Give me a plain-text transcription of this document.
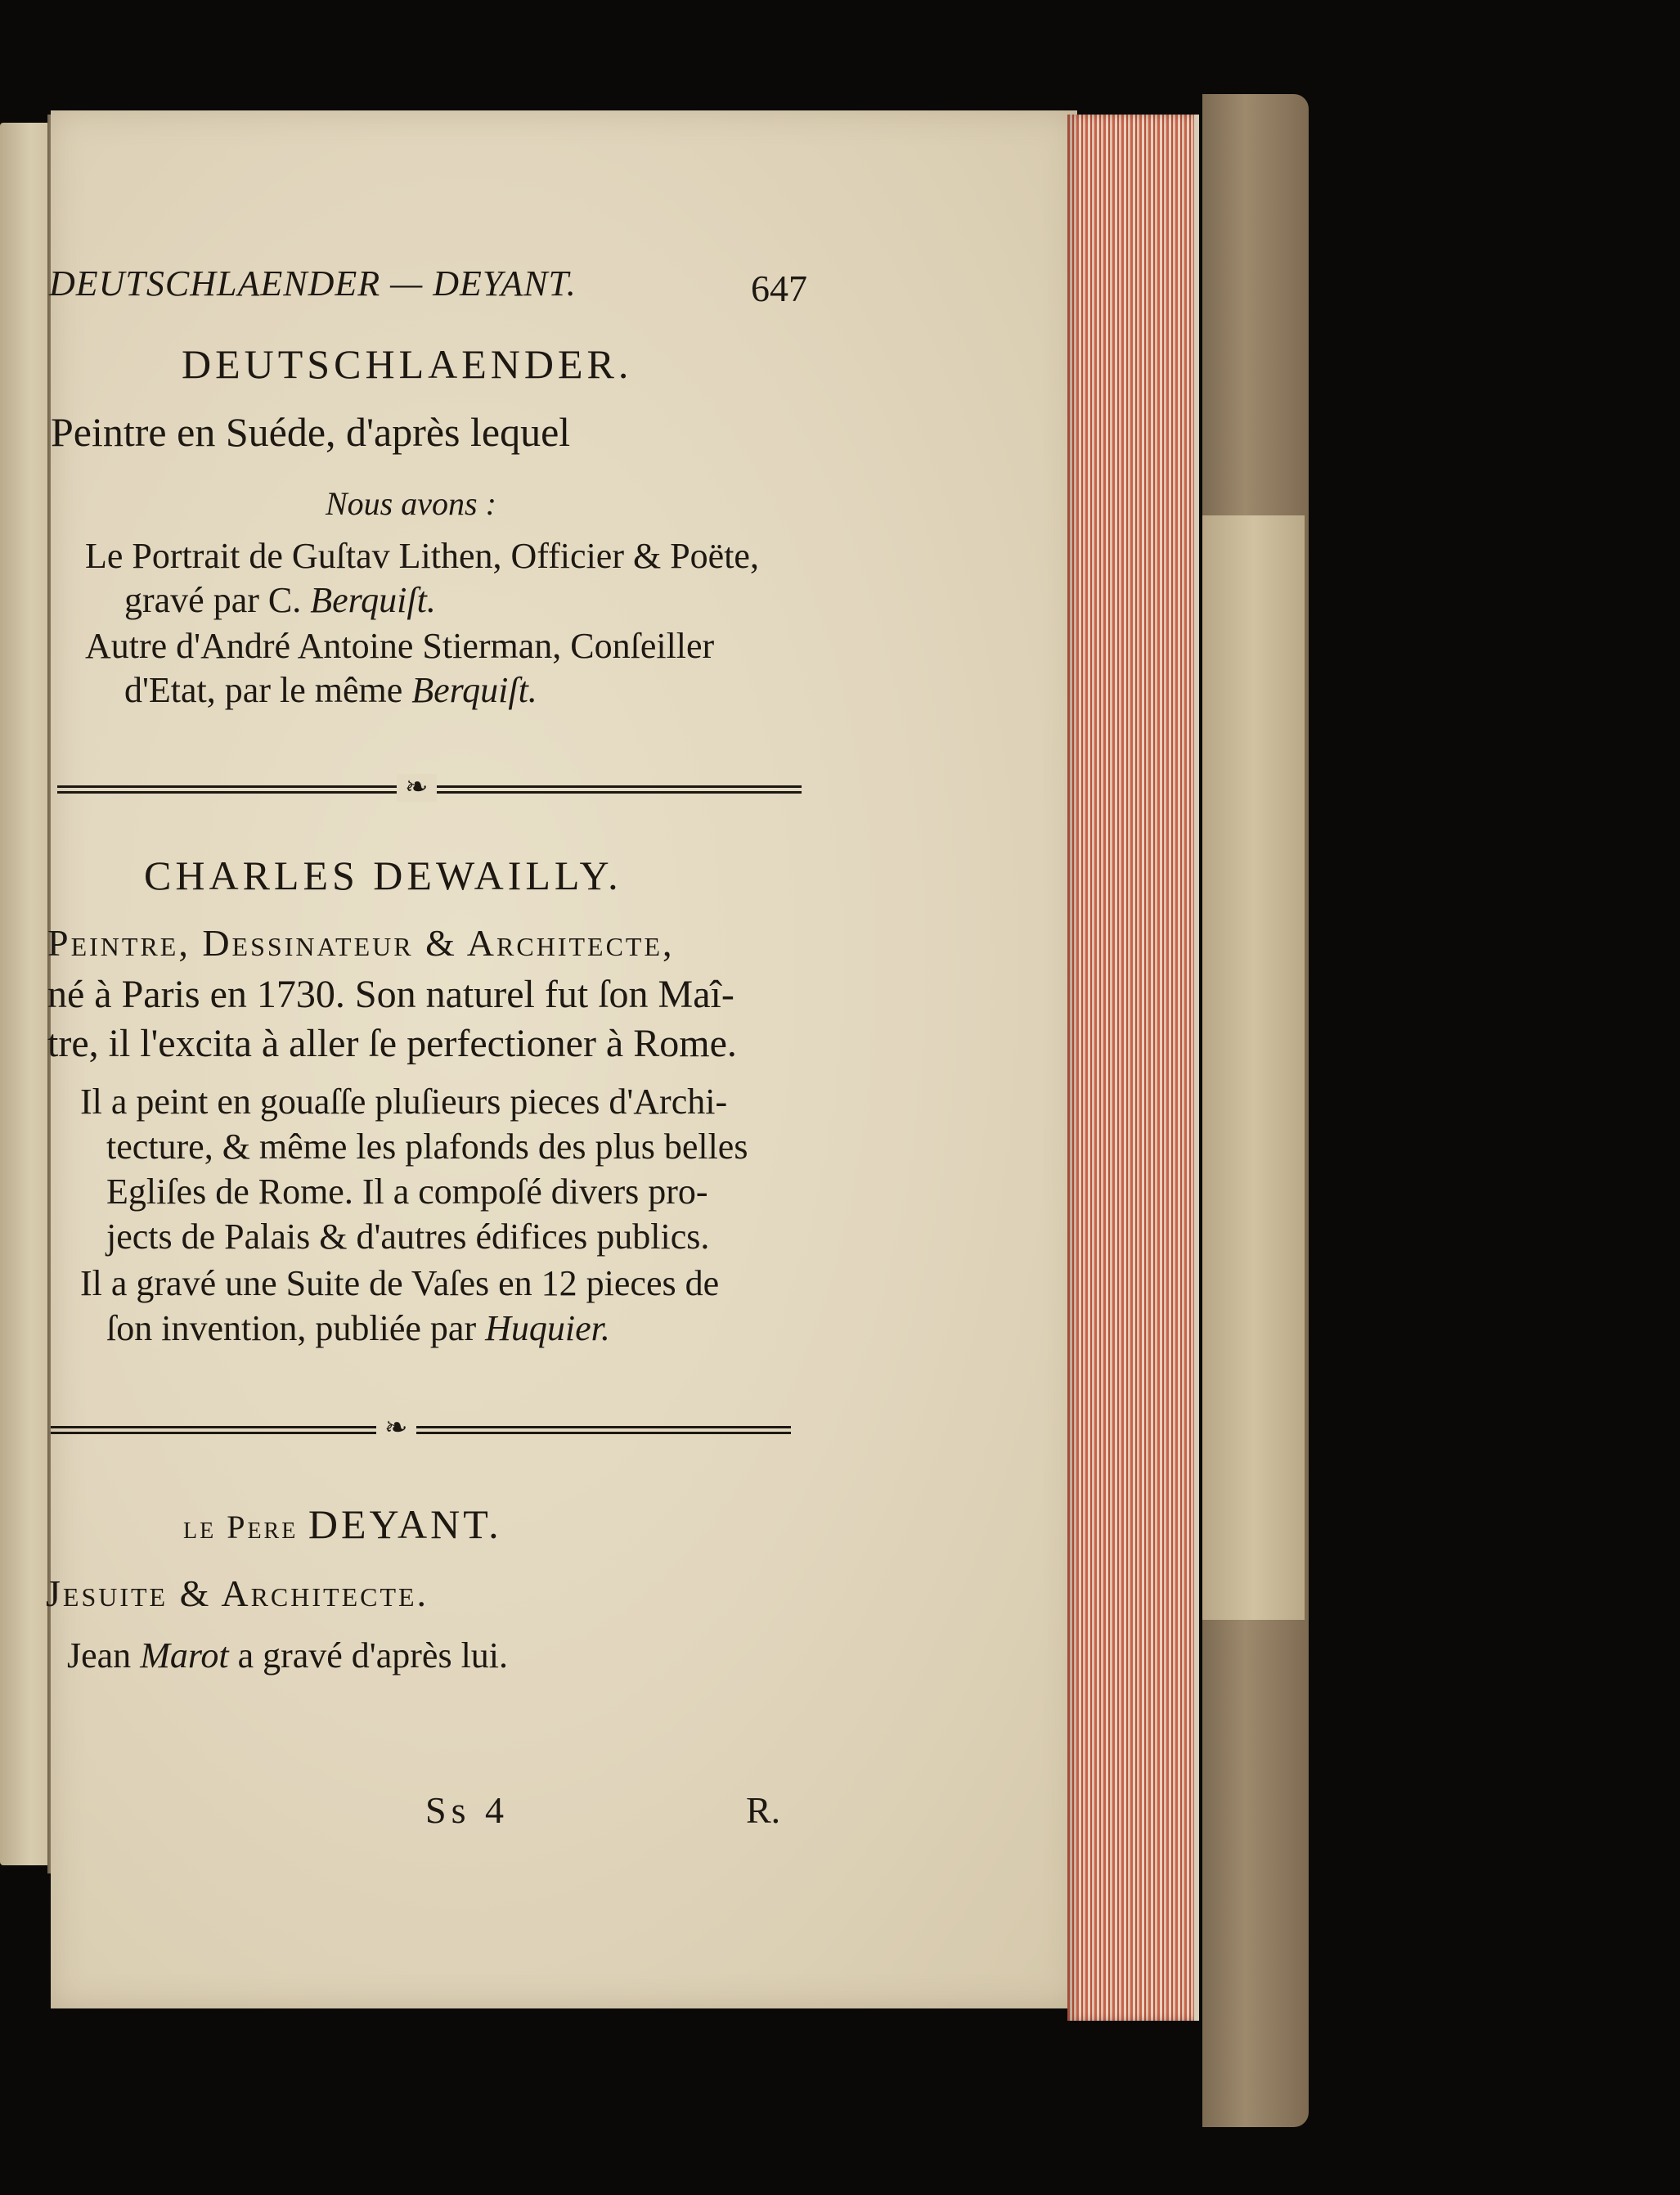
DEUTSCHLAENDER — DEYANT.	647
DEUTSCHLAENDER.
Peintre en Suéde, d'après lequel
Nous avons :
Le Portrait de Guſtav Lithen, Officier & Poëte,
gravé par C. Berquiſt.
Autre d'André Antoine Stierman, Conſeiller
d'Etat, par le même Berquiſt.
❧
CHARLES DEWAILLY.
Peintre, Dessinateur & Architecte,
né à Paris en 1730. Son naturel fut ſon Maî-
tre, il l'excita à aller ſe perfectioner à Rome.
Il a peint en gouaſſe pluſieurs pieces d'Archi-
tecture, & même les plafonds des plus belles
Egliſes de Rome. Il a compoſé divers pro-
jects de Palais & d'autres édifices publics.
Il a gravé une Suite de Vaſes en 12 pieces de
ſon invention, publiée par Huquier.
❧
le Pere DEYANT.
Jesuite & Architecte.
Jean Marot a gravé d'après lui.
Ss 4	R.
